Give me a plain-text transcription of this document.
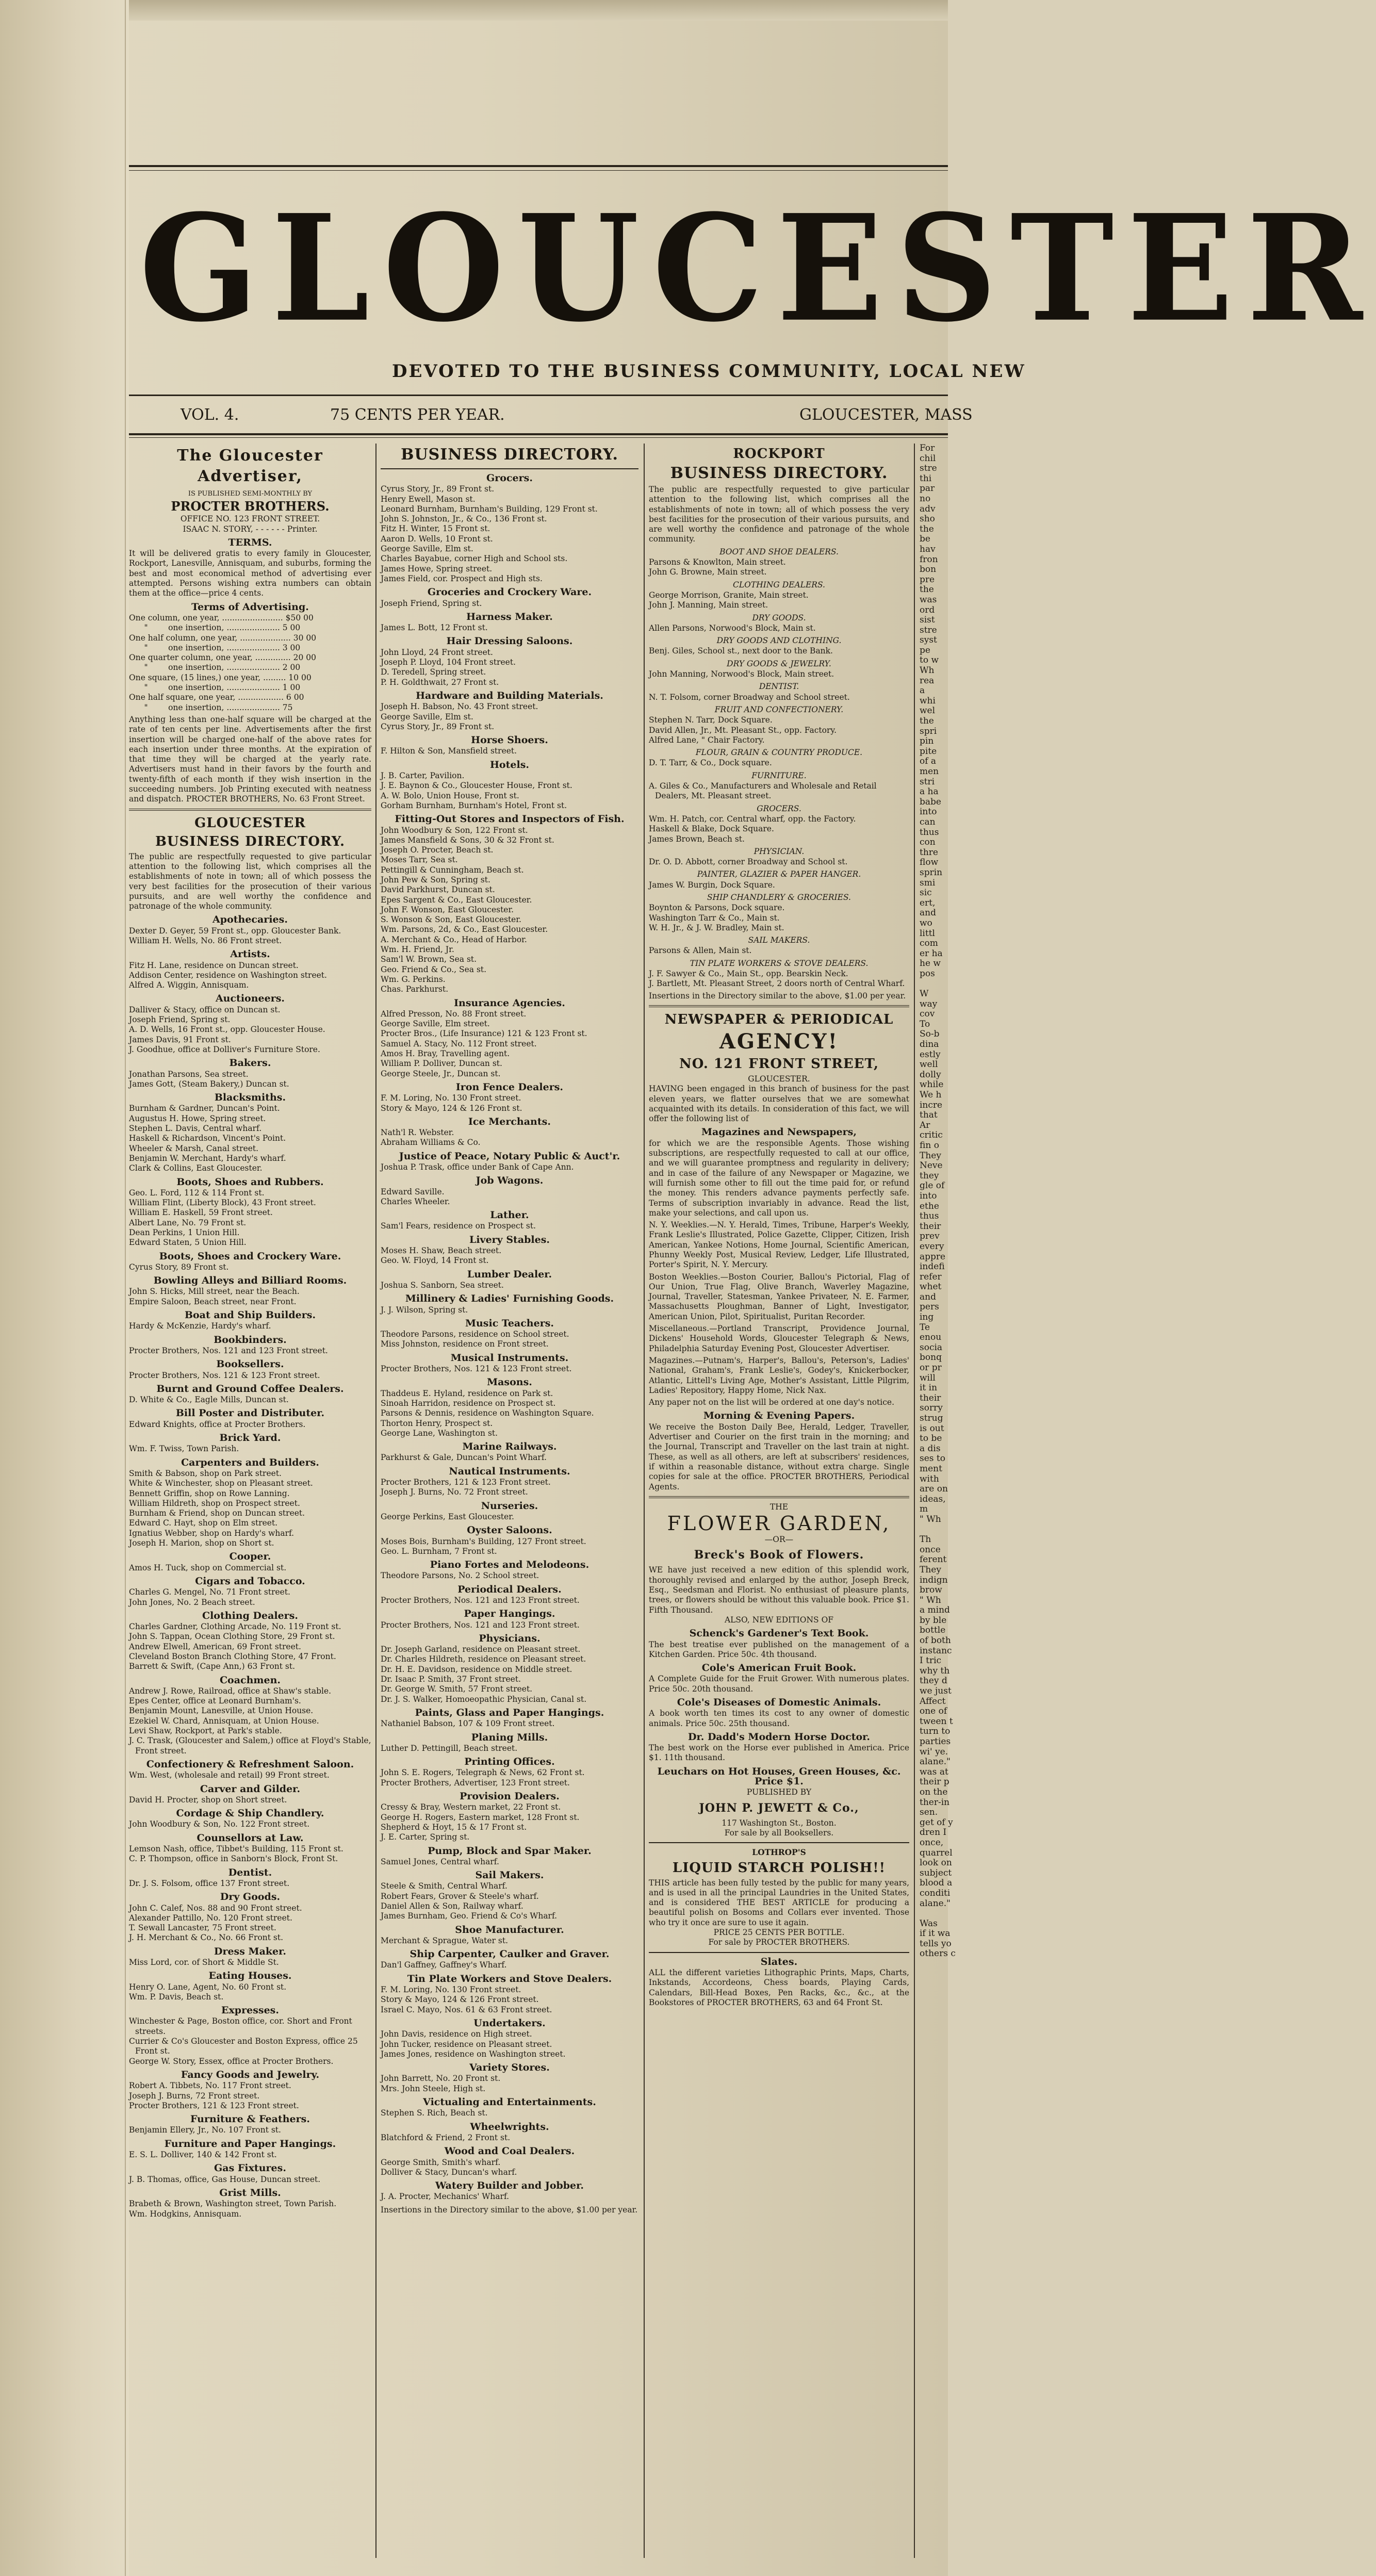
GLOUCESTER
DEVOTED TO THE BUSINESS COMMUNITY, LOCAL NEW
VOL. 4.	75 CENTS PER YEAR.	GLOUCESTER, MASS
The Gloucester Advertiser,
IS PUBLISHED SEMI-MONTHLY BY
PROCTER BROTHERS.
OFFICE NO. 123 FRONT STREET.
ISAAC N. STORY, - - - - - - Printer.
TERMS.

It will be delivered gratis to every family in Gloucester, Rockport, Lanesville, Annisquam, and suburbs, forming the best and most economical method of advertising ever attempted. Persons wishing extra numbers can obtain them at the office—price 4 cents.

Terms of Advertising.
One column, one year, ........................ $50 00
"        one insertion, ..................... 5 00
One half column, one year, .................... 30 00
"        one insertion, ..................... 3 00
One quarter column, one year, .............. 20 00
"        one insertion, ..................... 2 00
One square, (15 lines,) one year, ......... 10 00
"        one insertion, ..................... 1 00
One half square, one year, .................. 6 00
"        one insertion, ..................... 75

Anything less than one-half square will be charged at the rate of ten cents per line. Advertisements after the first insertion will be charged one-half of the above rates for each insertion under three months. At the expiration of that time they will be charged at the yearly rate. Advertisers must hand in their favors by the fourth and twenty-fifth of each month if they wish insertion in the succeeding numbers. Job Printing executed with neatness and dispatch. PROCTER BROTHERS, No. 63 Front Street.

GLOUCESTER
BUSINESS DIRECTORY.

The public are respectfully requested to give particular attention to the following list, which comprises all the establishments of note in town; all of which possess the very best facilities for the prosecution of their various pursuits, and are well worthy the confidence and patronage of the whole community.

Apothecaries.
Dexter D. Geyer, 59 Front st., opp. Gloucester Bank.
William H. Wells, No. 86 Front street.
Artists.
Fitz H. Lane, residence on Duncan street.
Addison Center, residence on Washington street.
Alfred A. Wiggin, Annisquam.
Auctioneers.
Dalliver & Stacy, office on Duncan st.
Joseph Friend, Spring st.
A. D. Wells, 16 Front st., opp. Gloucester House.
James Davis, 91 Front st.
J. Goodhue, office at Dolliver's Furniture Store.
Bakers.
Jonathan Parsons, Sea street.
James Gott, (Steam Bakery,) Duncan st.
Blacksmiths.
Burnham & Gardner, Duncan's Point.
Augustus H. Howe, Spring street.
Stephen L. Davis, Central wharf.
Haskell & Richardson, Vincent's Point.
Wheeler & Marsh, Canal street.
Benjamin W. Merchant, Hardy's wharf.
Clark & Collins, East Gloucester.
Boots, Shoes and Rubbers.
Geo. L. Ford, 112 & 114 Front st.
William Flint, (Liberty Block), 43 Front street.
William E. Haskell, 59 Front street.
Albert Lane, No. 79 Front st.
Dean Perkins, 1 Union Hill.
Edward Staten, 5 Union Hill.
Boots, Shoes and Crockery Ware.
Cyrus Story, 89 Front st.
Bowling Alleys and Billiard Rooms.
John S. Hicks, Mill street, near the Beach.
Empire Saloon, Beach street, near Front.
Boat and Ship Builders.
Hardy & McKenzie, Hardy's wharf.
Bookbinders.
Procter Brothers, Nos. 121 and 123 Front street.
Booksellers.
Procter Brothers, Nos. 121 & 123 Front street.
Burnt and Ground Coffee Dealers.
D. White & Co., Eagle Mills, Duncan st.
Bill Poster and Distributer.
Edward Knights, office at Procter Brothers.
Brick Yard.
Wm. F. Twiss, Town Parish.
Carpenters and Builders.
Smith & Babson, shop on Park street.
White & Winchester, shop on Pleasant street.
Bennett Griffin, shop on Rowe Lanning.
William Hildreth, shop on Prospect street.
Burnham & Friend, shop on Duncan street.
Edward C. Hayt, shop on Elm street.
Ignatius Webber, shop on Hardy's wharf.
Joseph H. Marion, shop on Short st.
Cooper.
Amos H. Tuck, shop on Commercial st.
Cigars and Tobacco.
Charles G. Mengel, No. 71 Front street.
John Jones, No. 2 Beach street.
Clothing Dealers.
Charles Gardner, Clothing Arcade, No. 119 Front st.
John S. Tappan, Ocean Clothing Store, 29 Front st.
Andrew Elwell, American, 69 Front street.
Cleveland Boston Branch Clothing Store, 47 Front.
Barrett & Swift, (Cape Ann,) 63 Front st.
Coachmen.
Andrew J. Rowe, Railroad, office at Shaw's stable.
Epes Center, office at Leonard Burnham's.
Benjamin Mount, Lanesville, at Union House.
Ezekiel W. Chard, Annisquam, at Union House.
Levi Shaw, Rockport, at Park's stable.
J. C. Trask, (Gloucester and Salem,) office at Floyd's Stable, Front street.
Confectionery & Refreshment Saloon.
Wm. West, (wholesale and retail) 99 Front street.
Carver and Gilder.
David H. Procter, shop on Short street.
Cordage & Ship Chandlery.
John Woodbury & Son, No. 122 Front street.
Counsellors at Law.
Lemson Nash, office, Tibbet's Building, 115 Front st.
C. P. Thompson, office in Sanborn's Block, Front St.
Dentist.
Dr. J. S. Folsom, office 137 Front street.
Dry Goods.
John C. Calef, Nos. 88 and 90 Front street.
Alexander Pattillo, No. 120 Front street.
T. Sewall Lancaster, 75 Front street.
J. H. Merchant & Co., No. 66 Front st.
Dress Maker.
Miss Lord, cor. of Short & Middle St.
Eating Houses.
Henry O. Lane, Agent, No. 60 Front st.
Wm. P. Davis, Beach st.
Expresses.
Winchester & Page, Boston office, cor. Short and Front streets.
Currier & Co's Gloucester and Boston Express, office 25 Front st.
George W. Story, Essex, office at Procter Brothers.
Fancy Goods and Jewelry.
Robert A. Tibbets, No. 117 Front street.
Joseph J. Burns, 72 Front street.
Procter Brothers, 121 & 123 Front street.
Furniture & Feathers.
Benjamin Ellery, Jr., No. 107 Front st.
Furniture and Paper Hangings.
E. S. L. Dolliver, 140 & 142 Front st.
Gas Fixtures.
J. B. Thomas, office, Gas House, Duncan street.
Grist Mills.
Brabeth & Brown, Washington street, Town Parish.
Wm. Hodgkins, Annisquam.
BUSINESS DIRECTORY.
Grocers.
Cyrus Story, Jr., 89 Front st.
Henry Ewell, Mason st.
Leonard Burnham, Burnham's Building, 129 Front st.
John S. Johnston, Jr., & Co., 136 Front st.
Fitz H. Winter, 15 Front st.
Aaron D. Wells, 10 Front st.
George Saville, Elm st.
Charles Bayabue, corner High and School sts.
James Howe, Spring street.
James Field, cor. Prospect and High sts.
Groceries and Crockery Ware.
Joseph Friend, Spring st.
Harness Maker.
James L. Bott, 12 Front st.
Hair Dressing Saloons.
John Lloyd, 24 Front street.
Joseph P. Lloyd, 104 Front street.
D. Teredell, Spring street.
P. H. Goldthwait, 27 Front st.
Hardware and Building Materials.
Joseph H. Babson, No. 43 Front street.
George Saville, Elm st.
Cyrus Story, Jr., 89 Front st.
Horse Shoers.
F. Hilton & Son, Mansfield street.
Hotels.
J. B. Carter, Pavilion.
J. E. Baynon & Co., Gloucester House, Front st.
A. W. Bolo, Union House, Front st.
Gorham Burnham, Burnham's Hotel, Front st.
Fitting-Out Stores and Inspectors of Fish.
John Woodbury & Son, 122 Front st.
James Mansfield & Sons, 30 & 32 Front st.
Joseph O. Procter, Beach st.
Moses Tarr, Sea st.
Pettingill & Cunningham, Beach st.
John Pew & Son, Spring st.
David Parkhurst, Duncan st.
Epes Sargent & Co., East Gloucester.
John F. Wonson, East Gloucester.
S. Wonson & Son, East Gloucester.
Wm. Parsons, 2d, & Co., East Gloucester.
A. Merchant & Co., Head of Harbor.
Wm. H. Friend, Jr.
Sam'l W. Brown, Sea st.
Geo. Friend & Co., Sea st.
Wm. G. Perkins.
Chas. Parkhurst.
Insurance Agencies.
Alfred Presson, No. 88 Front street.
George Saville, Elm street.
Procter Bros., (Life Insurance) 121 & 123 Front st.
Samuel A. Stacy, No. 112 Front street.
Amos H. Bray, Travelling agent.
William P. Dolliver, Duncan st.
George Steele, Jr., Duncan st.
Iron Fence Dealers.
F. M. Loring, No. 130 Front street.
Story & Mayo, 124 & 126 Front st.
Ice Merchants.
Nath'l R. Webster.
Abraham Williams & Co.
Justice of Peace, Notary Public & Auct'r.
Joshua P. Trask, office under Bank of Cape Ann.
Job Wagons.
Edward Saville.
Charles Wheeler.
Lather.
Sam'l Fears, residence on Prospect st.
Livery Stables.
Moses H. Shaw, Beach street.
Geo. W. Floyd, 14 Front st.
Lumber Dealer.
Joshua S. Sanborn, Sea street.
Millinery & Ladies' Furnishing Goods.
J. J. Wilson, Spring st.
Music Teachers.
Theodore Parsons, residence on School street.
Miss Johnston, residence on Front street.
Musical Instruments.
Procter Brothers, Nos. 121 & 123 Front street.
Masons.
Thaddeus E. Hyland, residence on Park st.
Sinoah Harridon, residence on Prospect st.
Parsons & Dennis, residence on Washington Square.
Thorton Henry, Prospect st.
George Lane, Washington st.
Marine Railways.
Parkhurst & Gale, Duncan's Point Wharf.
Nautical Instruments.
Procter Brothers, 121 & 123 Front street.
Joseph J. Burns, No. 72 Front street.
Nurseries.
George Perkins, East Gloucester.
Oyster Saloons.
Moses Bois, Burnham's Building, 127 Front street.
Geo. L. Burnham, 7 Front st.
Piano Fortes and Melodeons.
Theodore Parsons, No. 2 School street.
Periodical Dealers.
Procter Brothers, Nos. 121 and 123 Front street.
Paper Hangings.
Procter Brothers, Nos. 121 and 123 Front street.
Physicians.
Dr. Joseph Garland, residence on Pleasant street.
Dr. Charles Hildreth, residence on Pleasant street.
Dr. H. E. Davidson, residence on Middle street.
Dr. Isaac P. Smith, 37 Front street.
Dr. George W. Smith, 57 Front street.
Dr. J. S. Walker, Homoeopathic Physician, Canal st.
Paints, Glass and Paper Hangings.
Nathaniel Babson, 107 & 109 Front street.
Planing Mills.
Luther D. Pettingill, Beach street.
Printing Offices.
John S. E. Rogers, Telegraph & News, 62 Front st.
Procter Brothers, Advertiser, 123 Front street.
Provision Dealers.
Cressy & Bray, Western market, 22 Front st.
George H. Rogers, Eastern market, 128 Front st.
Shepherd & Hoyt, 15 & 17 Front st.
J. E. Carter, Spring st.
Pump, Block and Spar Maker.
Samuel Jones, Central wharf.
Sail Makers.
Steele & Smith, Central Wharf.
Robert Fears, Grover & Steele's wharf.
Daniel Allen & Son, Railway wharf.
James Burnham, Geo. Friend & Co's Wharf.
Shoe Manufacturer.
Merchant & Sprague, Water st.
Ship Carpenter, Caulker and Graver.
Dan'l Gaffney, Gaffney's Wharf.
Tin Plate Workers and Stove Dealers.
F. M. Loring, No. 130 Front street.
Story & Mayo, 124 & 126 Front street.
Israel C. Mayo, Nos. 61 & 63 Front street.
Undertakers.
John Davis, residence on High street.
John Tucker, residence on Pleasant street.
James Jones, residence on Washington street.
Variety Stores.
John Barrett, No. 20 Front st.
Mrs. John Steele, High st.
Victualing and Entertainments.
Stephen S. Rich, Beach st.
Wheelwrights.
Blatchford & Friend, 2 Front st.
Wood and Coal Dealers.
George Smith, Smith's wharf.
Dolliver & Stacy, Duncan's wharf.
Watery Builder and Jobber.
J. A. Procter, Mechanics' Wharf.

Insertions in the Directory similar to the above, $1.00 per year.

ROCKPORT
BUSINESS DIRECTORY.

The public are respectfully requested to give particular attention to the following list, which comprises all the establishments of note in town; all of which possess the very best facilities for the prosecution of their various pursuits, and are well worthy the confidence and patronage of the whole community.

BOOT AND SHOE DEALERS.
Parsons & Knowlton, Main street.
John G. Browne, Main street.
CLOTHING DEALERS.
George Morrison, Granite, Main street.
John J. Manning, Main street.
DRY GOODS.
Allen Parsons, Norwood's Block, Main st.
DRY GOODS AND CLOTHING.
Benj. Giles, School st., next door to the Bank.
DRY GOODS & JEWELRY.
John Manning, Norwood's Block, Main street.
DENTIST.
N. T. Folsom, corner Broadway and School street.
FRUIT AND CONFECTIONERY.
Stephen N. Tarr, Dock Square.
David Allen, Jr., Mt. Pleasant St., opp. Factory.
Alfred Lane, " Chair Factory.
FLOUR, GRAIN & COUNTRY PRODUCE.
D. T. Tarr, & Co., Dock square.
FURNITURE.
A. Giles & Co., Manufacturers and Wholesale and Retail Dealers, Mt. Pleasant street.
GROCERS.
Wm. H. Patch, cor. Central wharf, opp. the Factory.
Haskell & Blake, Dock Square.
James Brown, Beach st.
PHYSICIAN.
Dr. O. D. Abbott, corner Broadway and School st.
PAINTER, GLAZIER & PAPER HANGER.
James W. Burgin, Dock Square.
SHIP CHANDLERY & GROCERIES.
Boynton & Parsons, Dock square.
Washington Tarr & Co., Main st.
W. H. Jr., & J. W. Bradley, Main st.
SAIL MAKERS.
Parsons & Allen, Main st.
TIN PLATE WORKERS & STOVE DEALERS.
J. F. Sawyer & Co., Main St., opp. Bearskin Neck.
J. Bartlett, Mt. Pleasant Street, 2 doors north of Central Wharf.

Insertions in the Directory similar to the above, $1.00 per year.

NEWSPAPER & PERIODICAL
AGENCY!
NO. 121 FRONT STREET,
GLOUCESTER.

HAVING been engaged in this branch of business for the past eleven years, we flatter ourselves that we are somewhat acquainted with its details. In consideration of this fact, we will offer the following list of

Magazines and Newspapers,

for which we are the responsible Agents. Those wishing subscriptions, are respectfully requested to call at our office, and we will guarantee promptness and regularity in delivery; and in case of the failure of any Newspaper or Magazine, we will furnish some other to fill out the time paid for, or refund the money. This renders advance payments perfectly safe. Terms of subscription invariably in advance. Read the list, make your selections, and call upon us.

N. Y. Weeklies.—N. Y. Herald, Times, Tribune, Harper's Weekly, Frank Leslie's Illustrated, Police Gazette, Clipper, Citizen, Irish American, Yankee Notions, Home Journal, Scientific American, Phunny Weekly Post, Musical Review, Ledger, Life Illustrated, Porter's Spirit, N. Y. Mercury.

Boston Weeklies.—Boston Courier, Ballou's Pictorial, Flag of Our Union, True Flag, Olive Branch, Waverley Magazine, Journal, Traveller, Statesman, Yankee Privateer, N. E. Farmer, Massachusetts Ploughman, Banner of Light, Investigator, American Union, Pilot, Spiritualist, Puritan Recorder.

Miscellaneous.—Portland Transcript, Providence Journal, Dickens' Household Words, Gloucester Telegraph & News, Philadelphia Saturday Evening Post, Gloucester Advertiser.

Magazines.—Putnam's, Harper's, Ballou's, Peterson's, Ladies' National, Graham's, Frank Leslie's, Godey's, Knickerbocker, Atlantic, Littell's Living Age, Mother's Assistant, Little Pilgrim, Ladies' Repository, Happy Home, Nick Nax.

Any paper not on the list will be ordered at one day's notice.

Morning & Evening Papers.

We receive the Boston Daily Bee, Herald, Ledger, Traveller, Advertiser and Courier on the first train in the morning; and the Journal, Transcript and Traveller on the last train at night. These, as well as all others, are left at subscribers' residences, if within a reasonable distance, without extra charge. Single copies for sale at the office. PROCTER BROTHERS, Periodical Agents.

THE
FLOWER GARDEN,
—OR—
Breck's Book of Flowers.

WE have just received a new edition of this splendid work, thoroughly revised and enlarged by the author, Joseph Breck, Esq., Seedsman and Florist. No enthusiast of pleasure plants, trees, or flowers should be without this valuable book. Price $1. Fifth Thousand.

ALSO, NEW EDITIONS OF
Schenck's Gardener's Text Book.

The best treatise ever published on the management of a Kitchen Garden. Price 50c. 4th thousand.

Cole's American Fruit Book.

A Complete Guide for the Fruit Grower. With numerous plates. Price 50c. 20th thousand.

Cole's Diseases of Domestic Animals.

A book worth ten times its cost to any owner of domestic animals. Price 50c. 25th thousand.

Dr. Dadd's Modern Horse Doctor.

The best work on the Horse ever published in America. Price $1. 11th thousand.

Leuchars on Hot Houses, Green Houses, &c. Price $1.
PUBLISHED BY
JOHN P. JEWETT & Co.,
117 Washington St., Boston.
For sale by all Booksellers.
LOTHROP'S
LIQUID STARCH POLISH!!

THIS article has been fully tested by the public for many years, and is used in all the principal Laundries in the United States, and is considered THE BEST ARTICLE for producing a beautiful polish on Bosoms and Collars ever invented. Those who try it once are sure to use it again.

PRICE 25 CENTS PER BOTTLE.
For sale by PROCTER BROTHERS.
Slates.

ALL the different varieties Lithographic Prints, Maps, Charts, Inkstands, Accordeons, Chess boards, Playing Cards, Calendars, Bill-Head Boxes, Pen Racks, &c., &c., at the Bookstores of PROCTER BROTHERS, 63 and 64 Front St.

For
chil
stre
thi
par
no
adv
sho
the
be
hav
fron
bon
pre
the
was
ord
sist
stre
syst
pe
to w
Wh
rea
a
whi
wel
the
spri
pin
pite
of a
men
stri
a ha
babe
into
can
thus
con
thre
flow
sprin
smi
sic
ert,
and
wo
littl
com
er ha
he w
pos
W
way
cov
To
So-b
dina
estly
well
dolly
while
We h
incre
that
Ar
critic
fin o
They
Neve
they
gle of
into
ethe
thus
their
prev
every
appre
indefi
refer
whet
and
pers
ing
Te
enou
socia
bonq
or pr
will
it in
their
sorry
strug
is out
to be
a dis
ses to
ment
with
are on
ideas,
m
" Wh
Th
once
ferent
They
indign
brow
" Wh
a mind
by ble
bottle
of both
instanc
I tric
why th
they d
we just
Affect
one of
tween t
turn to
parties
wi' ye.
alane."
was at
their p
on the
ther-in
sen.
get of y
dren I
once,
quarrel
look on
subject
blood a
conditi
alane."
Was
if it wa
tells yo
others c
